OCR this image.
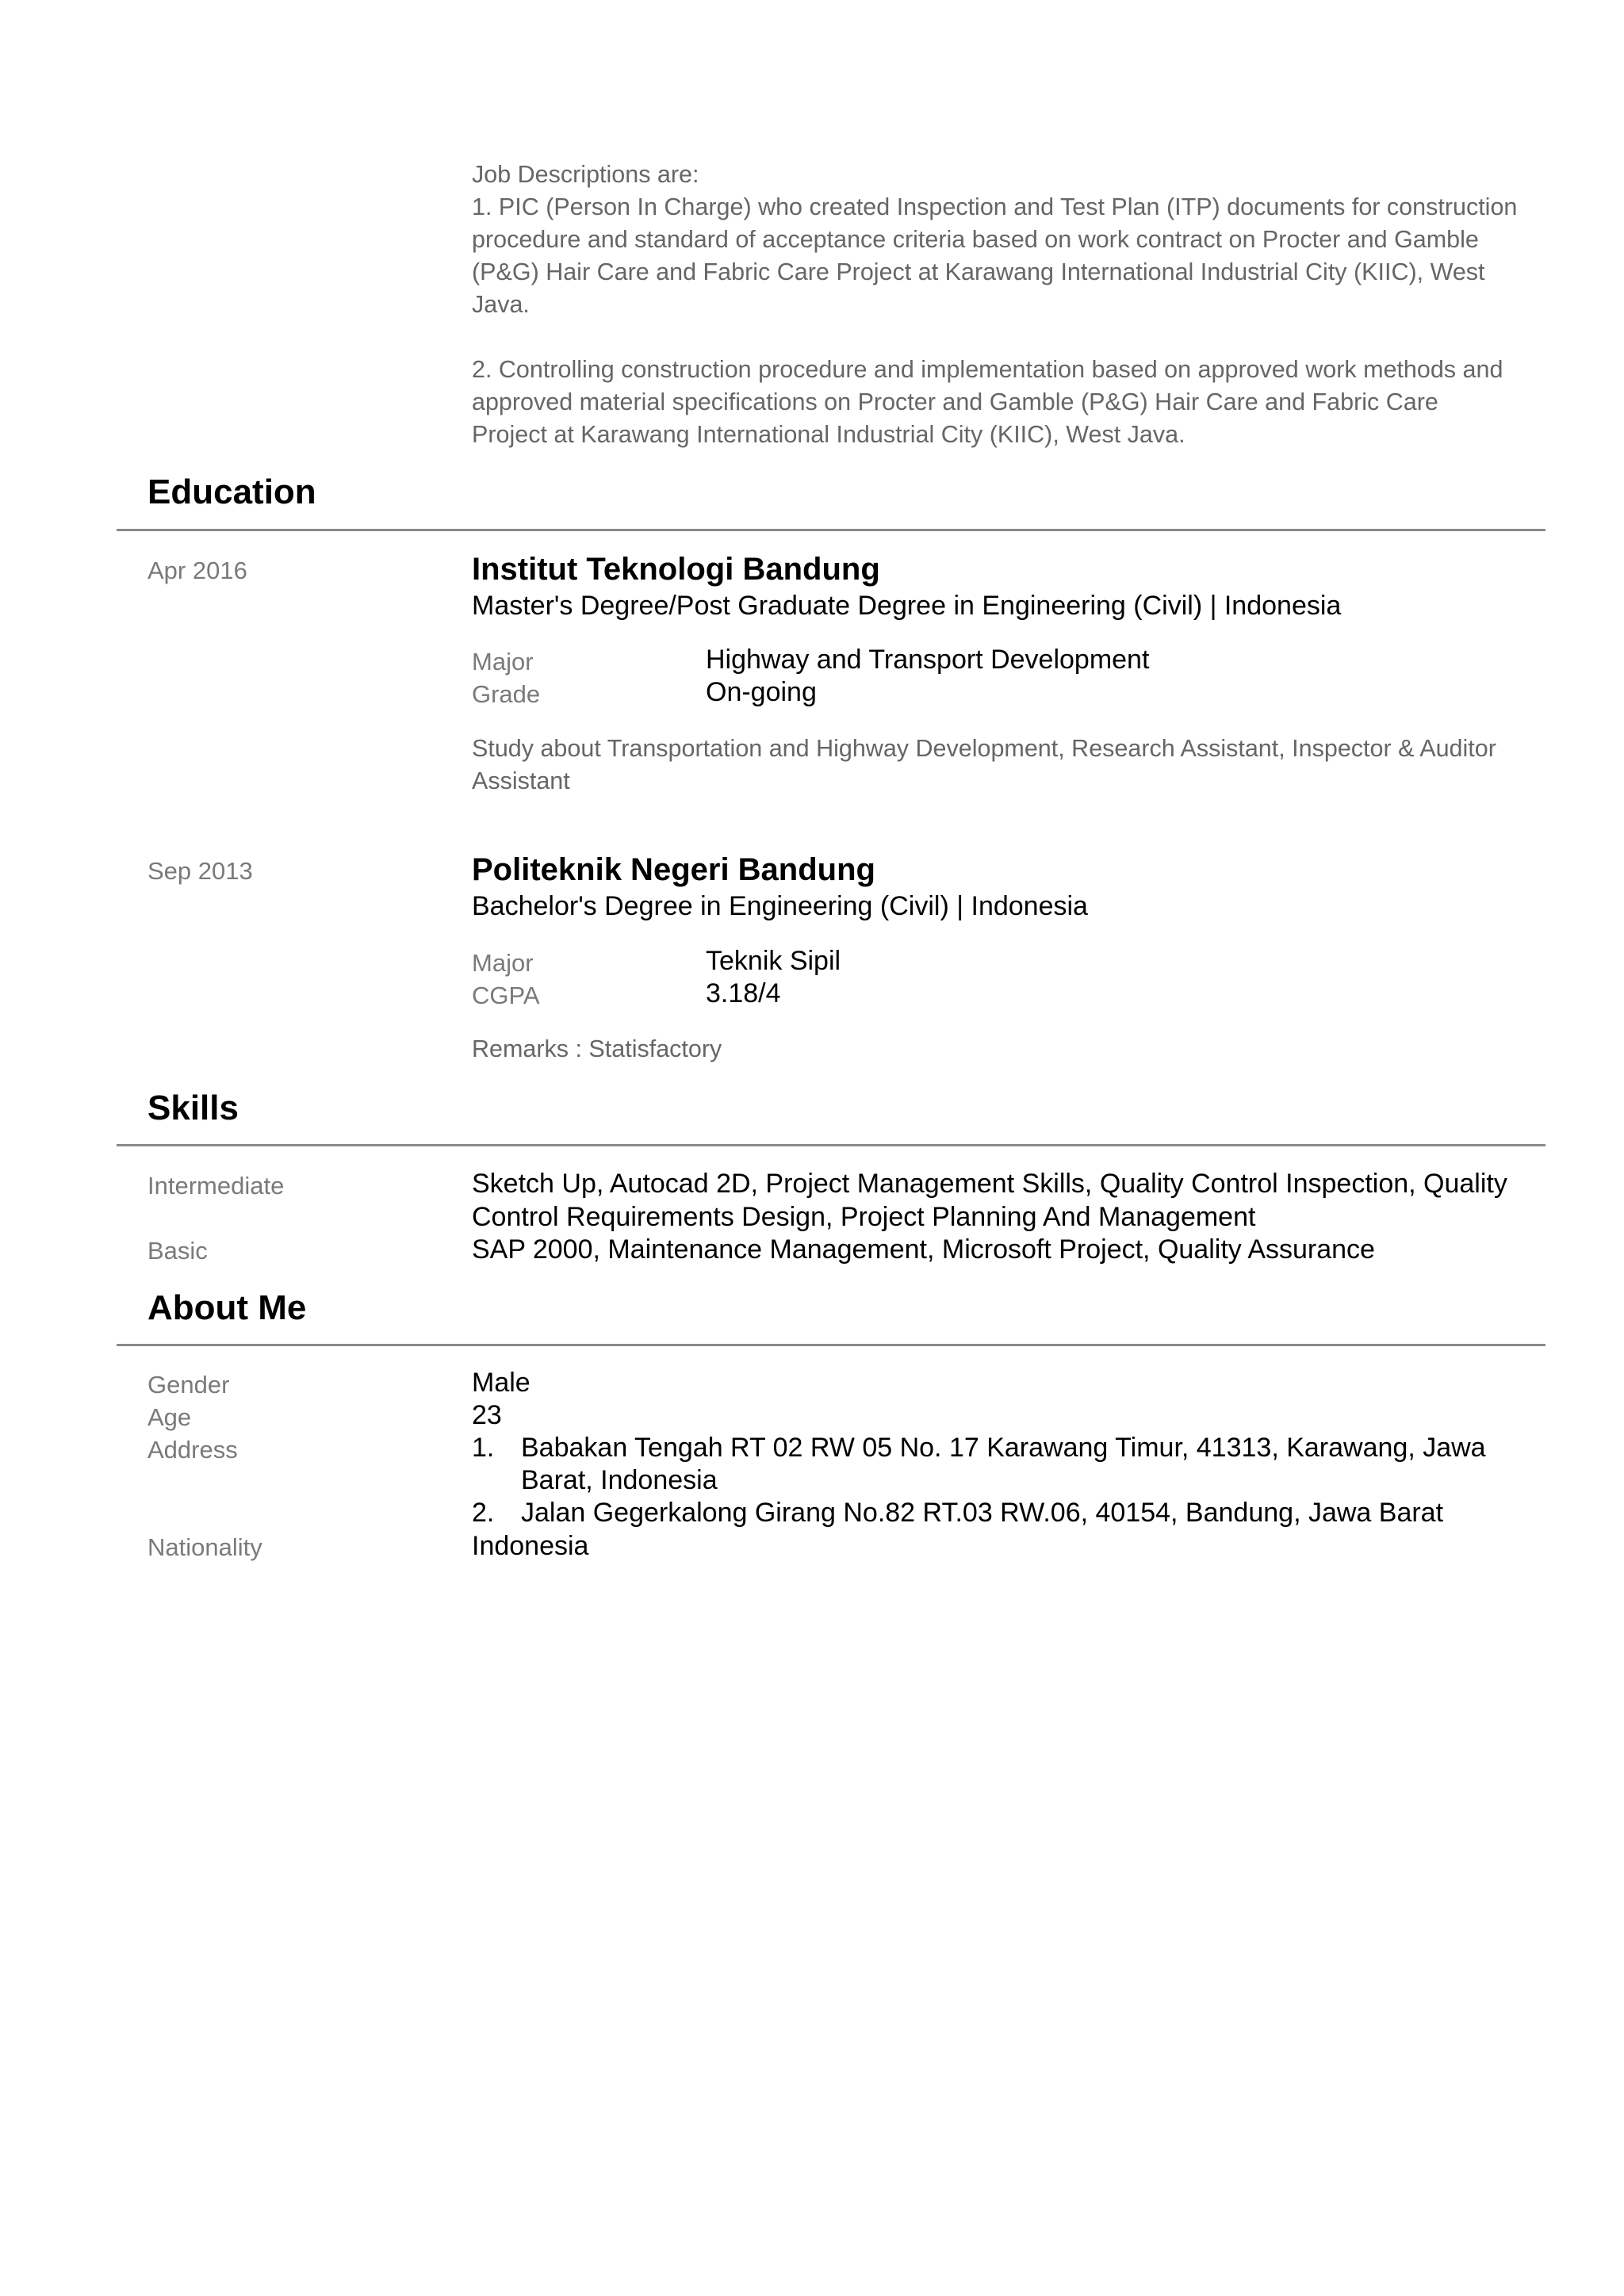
Job Descriptions are:

1. PIC (Person In Charge) who created Inspection and Test Plan (ITP) documents for construction procedure and standard of acceptance criteria based on work contract on Procter and Gamble (P&G) Hair Care and Fabric Care Project at Karawang International Industrial City (KIIC), West Java.

2. Controlling construction procedure and implementation based on approved work methods and approved material specifications on Procter and Gamble (P&G) Hair Care and Fabric Care Project at Karawang International Industrial City (KIIC), West Java.

Education
Apr 2016	Institut Teknologi Bandung
Master's Degree/Post Graduate Degree in Engineering (Civil) | Indonesia
Major	Highway and Transport Development
Grade	On-going
Study about Transportation and Highway Development, Research Assistant, Inspector & Auditor Assistant
Sep 2013	Politeknik Negeri Bandung
Bachelor's Degree in Engineering (Civil) | Indonesia
Major	Teknik Sipil
CGPA	3.18/4
Remarks : Statisfactory
Skills
Intermediate	Sketch Up, Autocad 2D, Project Management Skills, Quality Control Inspection, Quality Control Requirements Design, Project Planning And Management
Basic	SAP 2000, Maintenance Management, Microsoft Project, Quality Assurance
About Me
Gender	Male
Age	23
Address	1. Babakan Tengah RT 02 RW 05 No. 17 Karawang Timur, 41313, Karawang, Jawa Barat, Indonesia
2. Jalan Gegerkalong Girang No.82 RT.03 RW.06, 40154, Bandung, Jawa Barat
Nationality	Indonesia
